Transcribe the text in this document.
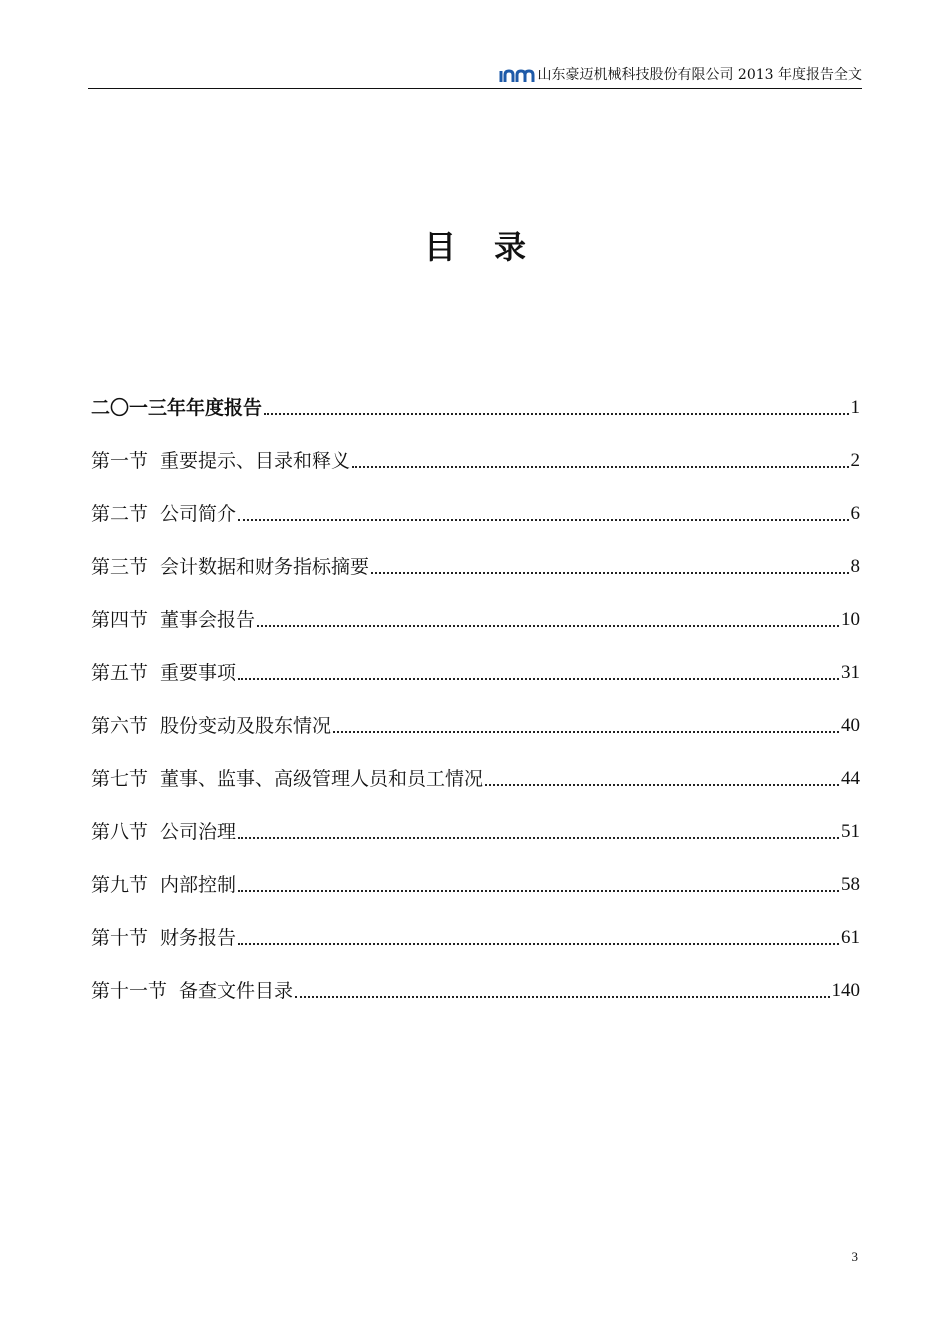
山东豪迈机械科技股份有限公司 2013 年度报告全文
目 录
二〇一三年年度报告	1
第一节 重要提示、目录和释义	2
第二节 公司简介	6
第三节 会计数据和财务指标摘要	8
第四节 董事会报告	10
第五节 重要事项	31
第六节 股份变动及股东情况	40
第七节 董事、监事、高级管理人员和员工情况	44
第八节 公司治理	51
第九节 内部控制	58
第十节 财务报告	61
第十一节 备查文件目录	140
3
